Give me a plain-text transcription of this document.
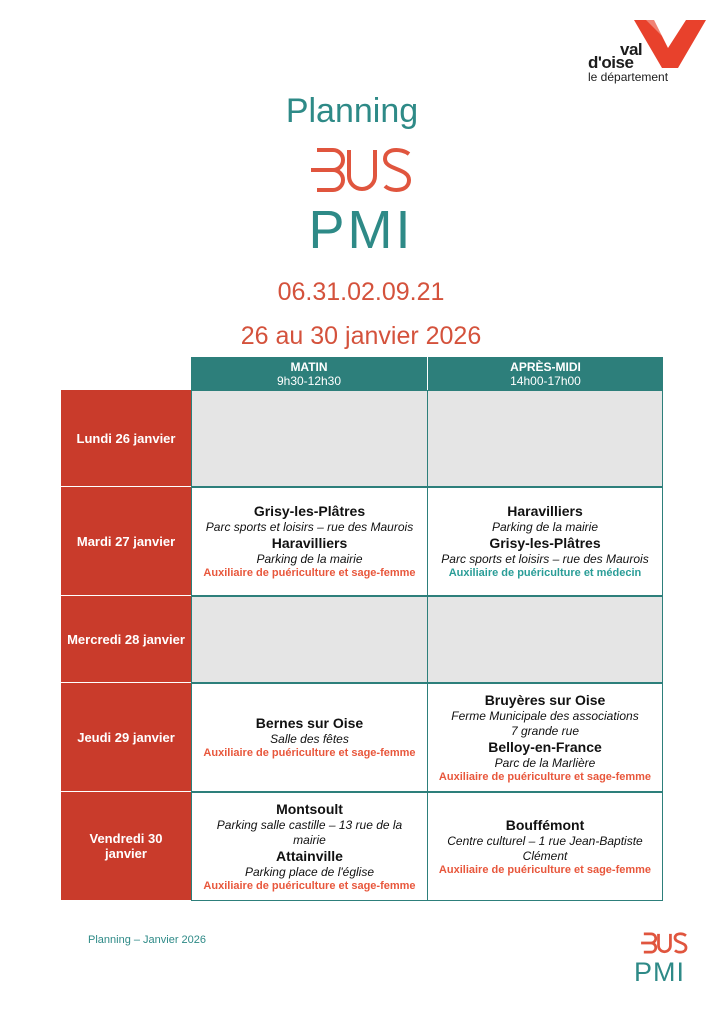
val
d'oise
le département
Planning
PMI
06.31.02.09.21
26 au 30 janvier 2026
MATIN
9h30-12h30
APRÈS-MIDI
14h00-17h00
Lundi 26 janvier
Mardi 27 janvier
Grisy-les-Plâtres
Parc sports et loisirs – rue des Maurois
Haravilliers
Parking de la mairie
Auxiliaire de puériculture et sage-femme
Haravilliers
Parking de la mairie
Grisy-les-Plâtres
Parc sports et loisirs – rue des Maurois
Auxiliaire de puériculture et médecin
Mercredi 28 janvier
Jeudi 29 janvier
Bernes sur Oise
Salle des fêtes
Auxiliaire de puériculture et sage-femme
Bruyères sur Oise
Ferme Municipale des associations
7 grande rue
Belloy-en-France
Parc de la Marlière
Auxiliaire de puériculture et sage-femme
Vendredi 30 janvier
Montsoult
Parking salle castille – 13 rue de la mairie
Attainville
Parking place de l'église
Auxiliaire de puériculture et sage-femme
Bouffémont
Centre culturel – 1 rue Jean-Baptiste Clément
Auxiliaire de puériculture et sage-femme
Planning – Janvier 2026
PMI
